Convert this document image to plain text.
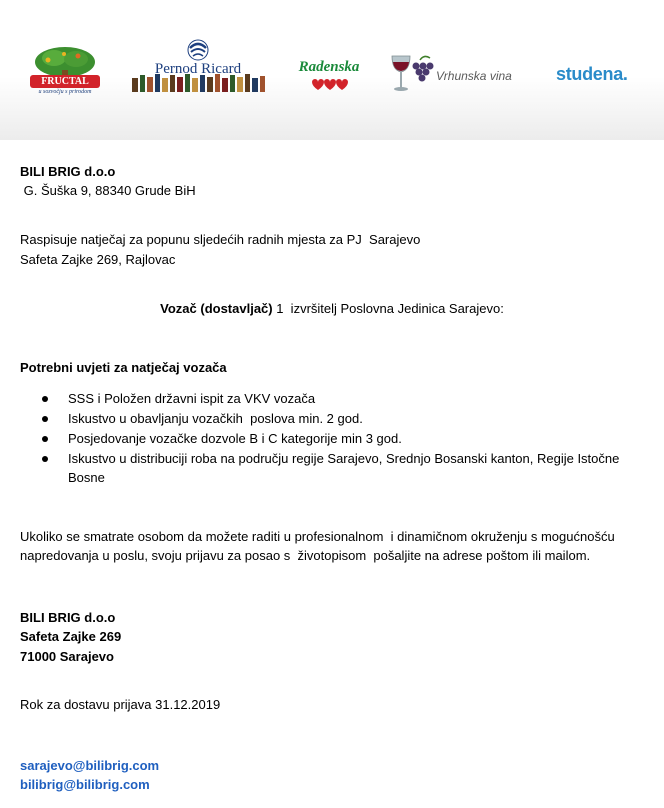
FRUCTAL
u sozvočju s prirodom
Pernod Ricard	Radenska
Vrhunska vina	studena.

BILI BRIG d.o.o

G. Šuška 9, 88340 Grude BiH

Raspisuje natječaj za popunu sljedećih radnih mjesta za PJ  Sarajevo

Safeta Zajke 269, Rajlovac

Vozač (dostavljač) 1  izvršitelj Poslovna Jedinica Sarajevo:

Potrebni uvjeti za natječaj vozača

SSS i Položen državni ispit za VKV vozača
Iskustvo u obavljanju vozačkih  poslova min. 2 god.
Posjedovanje vozačke dozvole B i C kategorije min 3 god.
Iskustvo u distribuciji roba na području regije Sarajevo, Srednjo Bosanski kanton, Regije Istočne Bosne

Ukoliko se smatrate osobom da možete raditi u profesionalnom  i dinamičnom okruženju s mogućnošću

napredovanja u poslu, svoju prijavu za posao s  životopisom  pošaljite na adrese poštom ili mailom.

BILI BRIG d.o.o

Safeta Zajke 269

71000 Sarajevo

Rok za dostavu prijava 31.12.2019

sarajevo@bilibrig.com

bilibrig@bilibrig.com
